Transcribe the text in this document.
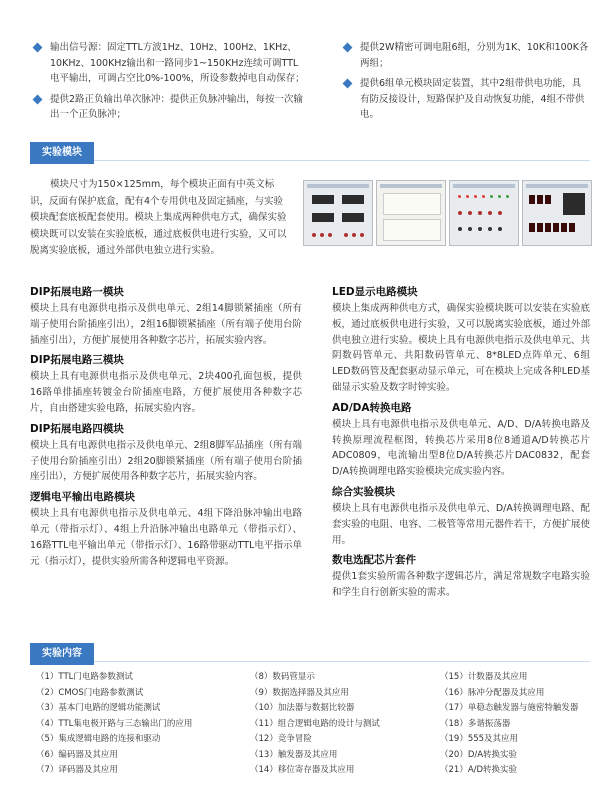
输出信号源：固定TTL方波1Hz、10Hz、100Hz、1KHz、10KHz、100KHz输出和一路同步1~150KHz连续可调TTL电平输出，可调占空比0%-100%，所设参数掉电自动保存；
提供2路正负输出单次脉冲：提供正负脉冲输出，每按一次输出一个正负脉冲；
提供2W精密可调电阻6组，分别为1K、10K和100K各两组；
提供6组单元模块固定装置，其中2组带供电功能，具有防反接设计，短路保护及自动恢复功能，4组不带供电。
实验模块
模块尺寸为150×125mm，每个模块正面有中英文标识，反面有保护底盒，配有4个专用供电及固定插座，与实验模块配套底板配套使用。模块上集成两种供电方式，确保实验模块既可以安装在实验底板，通过底板供电进行实验，又可以脱离实验底板，通过外部供电独立进行实验。
DIP拓展电路一模块

模块上具有电源供电指示及供电单元、2组14脚锁紧插座（所有端子使用台阶插座引出），2组16脚锁紧插座（所有端子使用台阶插座引出），方便扩展使用各种数字芯片，拓展实验内容。

DIP拓展电路三模块

模块上具有电源供电指示及供电单元、2块400孔面包板，提供16路单排插座转镀金台阶插座电路，方便扩展使用各种数字芯片，自由搭建实验电路，拓展实验内容。

DIP拓展电路四模块

模块上具有电源供电指示及供电单元、2组8脚军品插座（所有端子使用台阶插座引出）2组20脚锁紧插座（所有端子使用台阶插座引出），方便扩展使用各种数字芯片，拓展实验内容。

逻辑电平输出电路模块

模块上具有电源供电指示及供电单元、4组下降沿脉冲输出电路单元（带指示灯）、4组上升沿脉冲输出电路单元（带指示灯）、16路TTL电平输出单元（带指示灯）、16路带驱动TTL电平指示单元（指示灯），提供实验所需各种逻辑电平资源。

LED显示电路模块

模块上集成两种供电方式，确保实验模块既可以安装在实验底板，通过底板供电进行实验，又可以脱离实验底板，通过外部供电独立进行实验。模块上具有电源供电指示及供电单元、共阴数码管单元、共阳数码管单元、8*8LED点阵单元、6组LED数码管及配套驱动显示单元，可在模块上完成各种LED基础显示实验及数字时钟实验。

AD/DA转换电路

模块上具有电源供电指示及供电单元、A/D、D/A转换电路及转换原理流程框图，转换芯片采用8位8通道A/D转换芯片ADC0809，电流输出型8位D/A转换芯片DAC0832，配套D/A转换调理电路实验模块完成实验内容。

综合实验模块

模块上具有电源供电指示及供电单元、D/A转换调理电路、配套实验的电阻、电容、二极管等常用元器件若干，方便扩展使用。

数电选配芯片套件

提供1套实验所需各种数字逻辑芯片，满足常规数字电路实验和学生自行创新实验的需求。

实验内容
（1）TTL门电路参数测试
（2）CMOS门电路参数测试
（3）基本门电路的逻辑功能测试
（4）TTL集电极开路与三态输出门的应用
（5）集成逻辑电路的连接和驱动
（6）编码器及其应用
（7）译码器及其应用
（8）数码管显示
（9）数据选择器及其应用
（10）加法器与数据比较器
（11）组合逻辑电路的设计与测试
（12）竞争冒险
（13）触发器及其应用
（14）移位寄存器及其应用
（15）计数器及其应用
（16）脉冲分配器及其应用
（17）单稳态触发器与施密特触发器
（18）多谐振荡器
（19）555及其应用
（20）D/A转换实验
（21）A/D转换实验
